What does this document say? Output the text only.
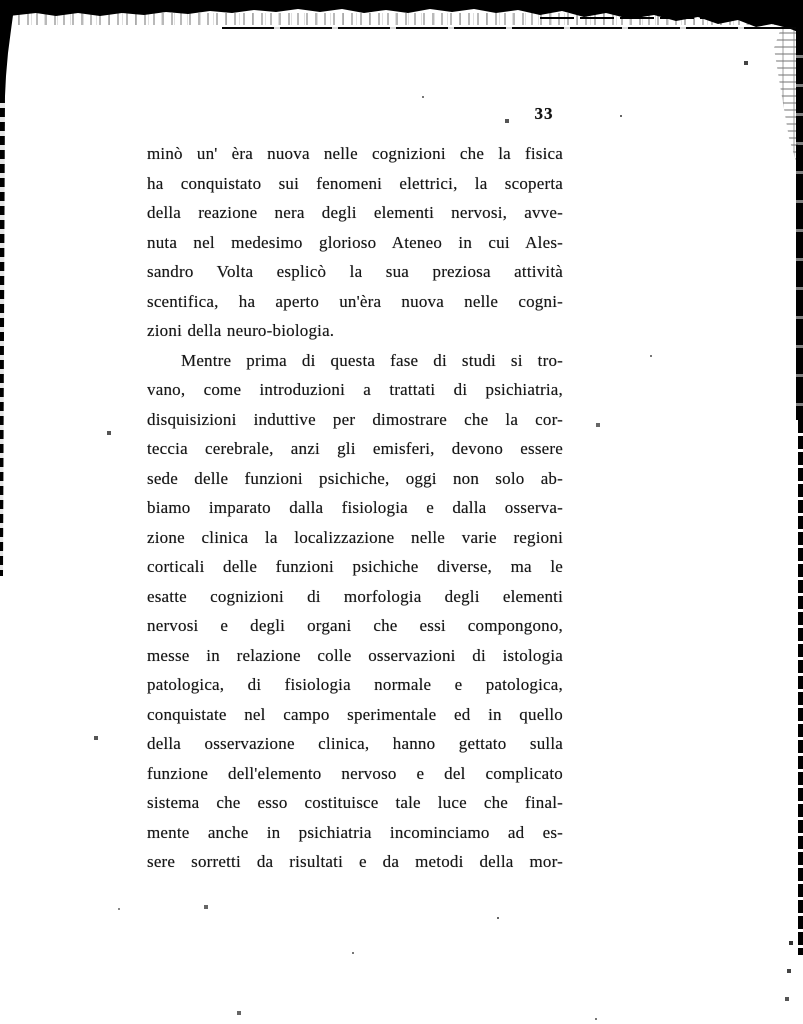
33
minò un' èra nuova nelle cognizioni che la fisica
ha conquistato sui fenomeni elettrici, la scoperta
della reazione nera degli elementi nervosi, avve-
nuta nel medesimo glorioso Ateneo in cui Ales-
sandro Volta esplicò la sua preziosa attività
scentifica, ha aperto un'èra nuova nelle cogni-
zioni della neuro-biologia.
Mentre prima di questa fase di studi si tro-
vano, come introduzioni a trattati di psichiatria,
disquisizioni induttive per dimostrare che la cor-
teccia cerebrale, anzi gli emisferi, devono essere
sede delle funzioni psichiche, oggi non solo ab-
biamo imparato dalla fisiologia e dalla osserva-
zione clinica la localizzazione nelle varie regioni
corticali delle funzioni psichiche diverse, ma le
esatte cognizioni di morfologia degli elementi
nervosi e degli organi che essi compongono,
messe in relazione colle osservazioni di istologia
patologica, di fisiologia normale e patologica,
conquistate nel campo sperimentale ed in quello
della osservazione clinica, hanno gettato sulla
funzione dell'elemento nervoso e del complicato
sistema che esso costituisce tale luce che final-
mente anche in psichiatria incominciamo ad es-
sere sorretti da risultati e da metodi della mor-
